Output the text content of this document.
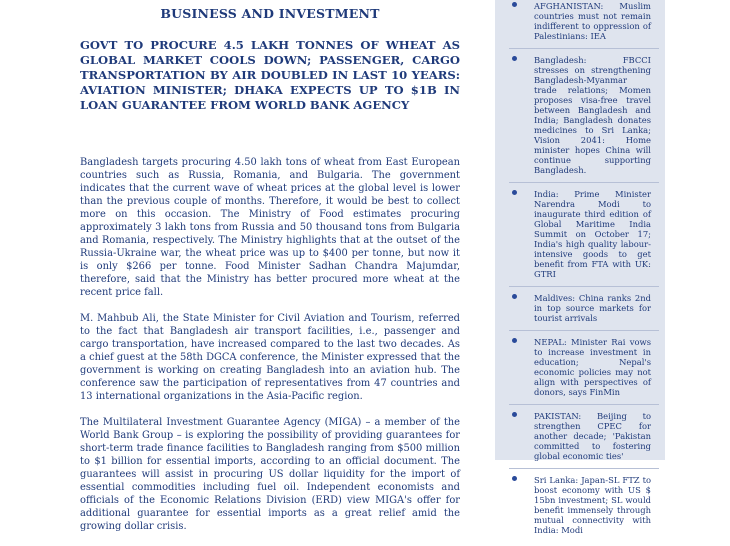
BUSINESS AND INVESTMENT
GOVT TO PROCURE 4.5 LAKH TONNES OF WHEAT AS GLOBAL MARKET COOLS DOWN; PASSENGER, CARGO TRANSPORTATION BY AIR DOUBLED IN LAST 10 YEARS: AVIATION MINISTER; DHAKA EXPECTS UP TO $1B IN LOAN GUARANTEE FROM WORLD BANK AGENCY

Bangladesh targets procuring 4.50 lakh tons of wheat from East European countries such as Russia, Romania, and Bulgaria. The government indicates that the current wave of wheat prices at the global level is lower than the previous couple of months. Therefore, it would be best to collect more on this occasion. The Ministry of Food estimates procuring approximately 3 lakh tons from Russia and 50 thousand tons from Bulgaria and Romania, respectively. The Ministry highlights that at the outset of the Russia-Ukraine war, the wheat price was up to $400 per tonne, but now it is only $266 per tonne. Food Minister Sadhan Chandra Majumdar, therefore, said that the Ministry has better procured more wheat at the recent price fall.

M. Mahbub Ali, the State Minister for Civil Aviation and Tourism, referred to the fact that Bangladesh air transport facilities, i.e., passenger and cargo transportation, have increased compared to the last two decades. As a chief guest at the 58th DGCA conference, the Minister expressed that the government is working on creating Bangladesh into an aviation hub. The conference saw the participation of representatives from 47 countries and 13 international organizations in the Asia-Pacific region.

The Multilateral Investment Guarantee Agency (MIGA) – a member of the World Bank Group – is exploring the possibility of providing guarantees for short-term trade finance facilities to Bangladesh ranging from $500 million to $1 billion for essential imports, according to an official document. The guarantees will assist in procuring US dollar liquidity for the import of essential commodities including fuel oil. Independent economists and officials of the Economic Relations Division (ERD) view MIGA's offer for additional guarantee for essential imports as a great relief amid the growing dollar crisis.

AFGHANISTAN: Muslim countries must not remain indifferent to oppression of Palestinians: IEA
Bangladesh: FBCCI stresses on strengthening Bangladesh-Myanmar trade relations; Momen proposes visa-free travel between Bangladesh and India; Bangladesh donates medicines to Sri Lanka; Vision 2041: Home minister hopes China will continue supporting Bangladesh.
India: Prime Minister Narendra Modi to inaugurate third edition of Global Maritime India Summit on October 17; India's high quality labour-intensive goods to get benefit from FTA with UK: GTRI
Maldives: China ranks 2nd in top source markets for tourist arrivals
NEPAL: Minister Rai vows to increase investment in education; Nepal's economic policies may not align with perspectives of donors, says FinMin
PAKISTAN: Beijing to strengthen CPEC for another decade; 'Pakistan committed to fostering global economic ties'
Sri Lanka: Japan-SL FTZ to boost economy with US $ 15bn investment; SL would benefit immensely through mutual connectivity with India: Modi
